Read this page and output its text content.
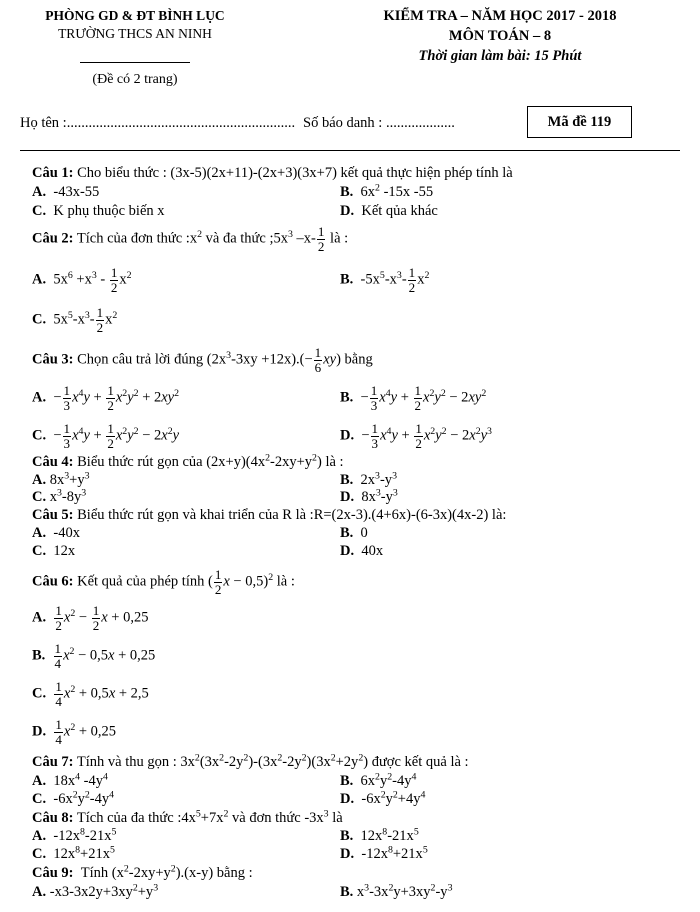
PHÒNG GD & ĐT BÌNH LỤC
TRƯỜNG THCS AN NINH
(Đề có 2 trang)
KIỂM TRA – NĂM HỌC 2017 - 2018
MÔN TOÁN – 8
Thời gian làm bài: 15 Phút
Họ tên :............................................................... Số báo danh : ...................	Mã đề 119
Câu 1: Cho biểu thức : (3x-5)(2x+11)-(2x+3)(3x+7) kết quả thực hiện phép tính là
A. -43x-55	B.  $6x^2$ -15x -55
C. K phụ thuộc biến x	D. Kết qủa khác
Câu 2: Tích của đơn thức $:x^2$ và đa thức $;5x^3$ $-x- \frac{1}{2}$ là :
A.  $5x^6 +x^3 - \frac{1}{2} x^2$	B.  $-5x^5-x^3- \frac{1}{2} x^2$
C.  $5x^5-x^3- \frac{1}{2} x^2$
Câu 3: Chọn câu trả lời đúng $(2x^3-3xy +12x).(- \frac{1}{6} xy)$ bằng
A.  − $\frac{1}{3} x^4y + \frac{1}{2} x^2y^2 + 2xy^2$	B.  − $\frac{1}{3} x^4y + \frac{1}{2} x^2y^2 - 2xy^2$
C.  − $\frac{1}{3} x^4y + \frac{1}{2} x^2y^2 - 2x^2y$	D.  − $\frac{1}{3} x^4y + \frac{1}{2} x^2y^2 - 2x^2y^3$
Câu 4: Biểu thức rút gọn của $(2x+y)(4x^2-2xy+y^2)$ là :
A. $8x^3+y^3$	B.  $2x^3-y^3$
C. $x^3-8y^3$	D.  $8x^3-y^3$
Câu 5: Biểu thức rút gọn và khai triển của R là :R=(2x-3).(4+6x)-(6-3x)(4x-2) là:
A. -40x	B. 0
C. 12x	D. 40x
Câu 6: Kết quả của phép tính ( $\frac{1}{2}$ x − 0,5)$^2$ là :
A. $\frac{1}{2} x^2 - \frac{1}{2}$ x + 0,25
B. $\frac{1}{4} x^2 - 0,5x + 0,25$
C. $\frac{1}{4} x^2 + 0,5x + 2,5$
D. $\frac{1}{4} x^2 + 0,25$
Câu 7: Tính và thu gọn : $3x^2(3x^2-2y^2)-(3x^2-2y^2)(3x^2+2y^2)$ được kết quả là :
A.  $18x^4$ $-4y^4$	B.  $6x^2y^2-4y^4$
C.  $-6x^2y^2-4y^4$	D.  $-6x^2y^2+4y^4$
Câu 8: Tích của đa thức $:4x^5+7x^2$ và đơn thức $-3x^3$ là
A.  $-12x^8-21x^5$	B.  $12x^8-21x^5$
C.  $12x^8+21x^5$	D.  $-12x^8+21x^5$
Câu 9: Tính $(x^2-2xy+y^2).(x-y)$ bằng :
A. $-x3-3x2y+3xy^2+y^3$	B. $x^3-3x^2y+3xy^2-y^3$
